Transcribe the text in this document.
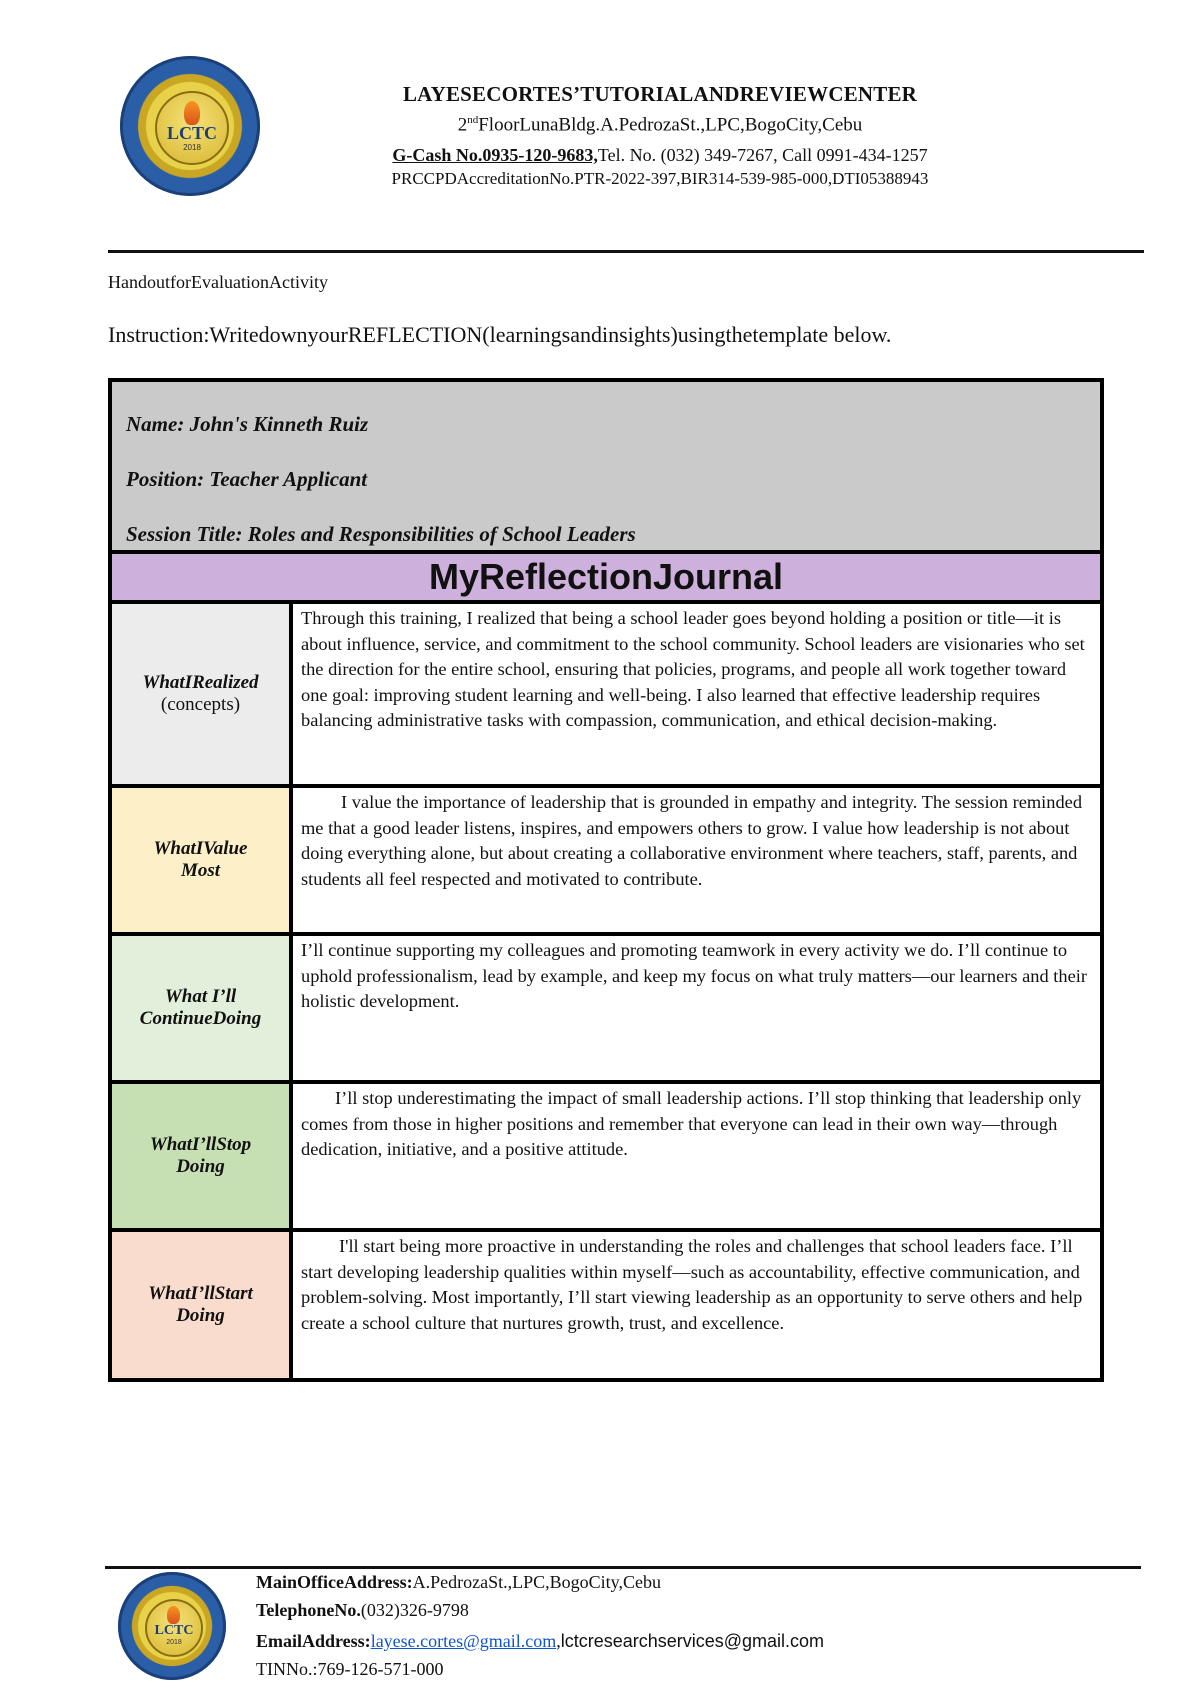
LCTC
2018
LAYESECORTES’TUTORIALANDREVIEWCENTER
2ndFloorLunaBldg.A.PedrozaSt.,LPC,BogoCity,Cebu
G-Cash No.0935-120-9683,Tel. No. (032) 349-7267, Call 0991-434-1257
PRCCPDAccreditationNo.PTR-2022-397,BIR314-539-985-000,DTI05388943
HandoutforEvaluationActivity
Instruction:WritedownyourREFLECTION(learningsandinsights)usingthetemplate below.
Name: John's Kinneth Ruiz
Position: Teacher Applicant
Session Title: Roles and Responsibilities of School Leaders
MyReflectionJournal
WhatIRealized
(concepts)
Through this training, I realized that being a school leader goes beyond holding a position or title—it is about influence, service, and commitment to the school community. School leaders are visionaries who set the direction for the entire school, ensuring that policies, programs, and people all work together toward one goal: improving student learning and well-being. I also learned that effective leadership requires balancing administrative tasks with compassion, communication, and ethical decision-making.
WhatIValue Most
I value the importance of leadership that is grounded in empathy and integrity. The session reminded me that a good leader listens, inspires, and empowers others to grow. I value how leadership is not about doing everything alone, but about creating a collaborative environment where teachers, staff, parents, and students all feel respected and motivated to contribute.
What I’ll ContinueDoing
I’ll continue supporting my colleagues and promoting teamwork in every activity we do. I’ll continue to uphold professionalism, lead by example, and keep my focus on what truly matters—our learners and their holistic development.
WhatI’llStop Doing
I’ll stop underestimating the impact of small leadership actions. I’ll stop thinking that leadership only comes from those in higher positions and remember that everyone can lead in their own way—through dedication, initiative, and a positive attitude.
WhatI’llStart Doing
I'll start being more proactive in understanding the roles and challenges that school leaders face. I’ll start developing leadership qualities within myself—such as accountability, effective communication, and problem-solving. Most importantly, I’ll start viewing leadership as an opportunity to serve others and help create a school culture that nurtures growth, trust, and excellence.
LCTC
2018
MainOfficeAddress:A.PedrozaSt.,LPC,BogoCity,Cebu
TelephoneNo.(032)326-9798
EmailAddress:layese.cortes@gmail.com,lctcresearchservices@gmail.com
TINNo.:769-126-571-000
